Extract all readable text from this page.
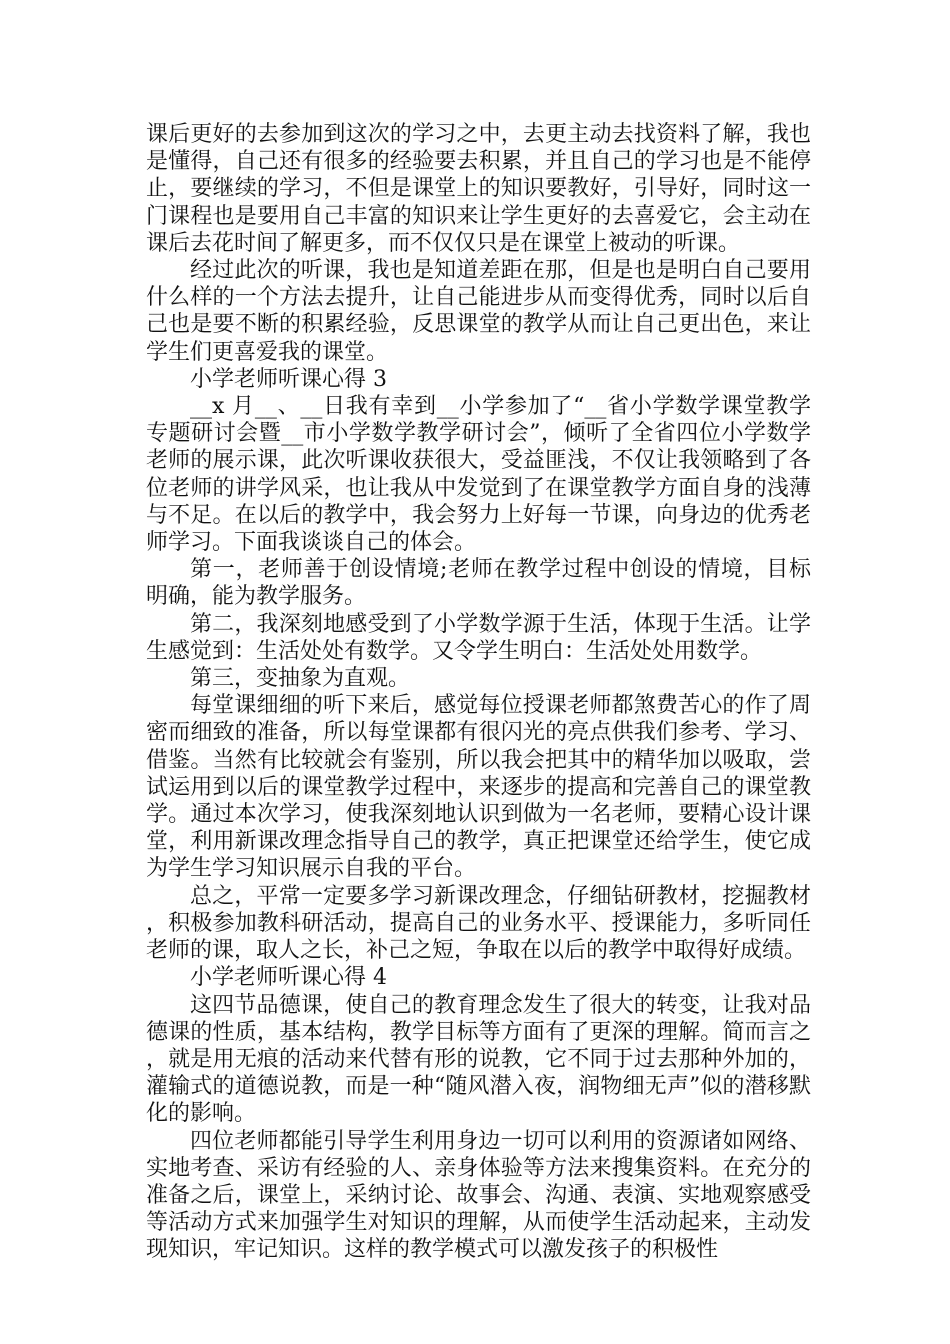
课后更好的去参加到这次的学习之中，去更主动去找资料了解，我也是懂得，自己还有很多的经验要去积累，并且自己的学习也是不能停止，要继续的学习，不但是课堂上的知识要教好，引导好，同时这一门课程也是要用自己丰富的知识来让学生更好的去喜爱它，会主动在课后去花时间了解更多，而不仅仅只是在课堂上被动的听课。

经过此次的听课，我也是知道差距在那，但是也是明白自己要用什么样的一个方法去提升，让自己能进步从而变得优秀，同时以后自己也是要不断的积累经验，反思课堂的教学从而让自己更出色，来让学生们更喜爱我的课堂。

小学老师听课心得 3

__x 月__、__日我有幸到__小学参加了“__省小学数学课堂教学专题研讨会暨__市小学数学教学研讨会”，倾听了全省四位小学数学老师的展示课，此次听课收获很大，受益匪浅，不仅让我领略到了各位老师的讲学风采，也让我从中发觉到了在课堂教学方面自身的浅薄与不足。在以后的教学中，我会努力上好每一节课，向身边的优秀老师学习。下面我谈谈自己的体会。

第一，老师善于创设情境;老师在教学过程中创设的情境，目标明确，能为教学服务。

第二，我深刻地感受到了小学数学源于生活，体现于生活。让学生感觉到：生活处处有数学。又令学生明白：生活处处用数学。

第三，变抽象为直观。

每堂课细细的听下来后，感觉每位授课老师都煞费苦心的作了周密而细致的准备，所以每堂课都有很闪光的亮点供我们参考、学习、借鉴。当然有比较就会有鉴别，所以我会把其中的精华加以吸取，尝试运用到以后的课堂教学过程中，来逐步的提高和完善自己的课堂教学。通过本次学习，使我深刻地认识到做为一名老师，要精心设计课堂，利用新课改理念指导自己的教学，真正把课堂还给学生，使它成为学生学习知识展示自我的平台。

总之，平常一定要多学习新课改理念，仔细钻研教材，挖掘教材，积极参加教科研活动，提高自己的业务水平、授课能力，多听同任老师的课，取人之长，补己之短，争取在以后的教学中取得好成绩。

小学老师听课心得 4

这四节品德课，使自己的教育理念发生了很大的转变，让我对品德课的性质，基本结构，教学目标等方面有了更深的理解。简而言之，就是用无痕的活动来代替有形的说教，它不同于过去那种外加的，灌输式的道德说教，而是一种“随风潜入夜，润物细无声”似的潜移默化的影响。

四位老师都能引导学生利用身边一切可以利用的资源诸如网络、实地考查、采访有经验的人、亲身体验等方法来搜集资料。在充分的准备之后，课堂上，采纳讨论、故事会、沟通、表演、实地观察感受等活动方式来加强学生对知识的理解，从而使学生活动起来，主动发现知识，牢记知识。这样的教学模式可以激发孩子的积极性
